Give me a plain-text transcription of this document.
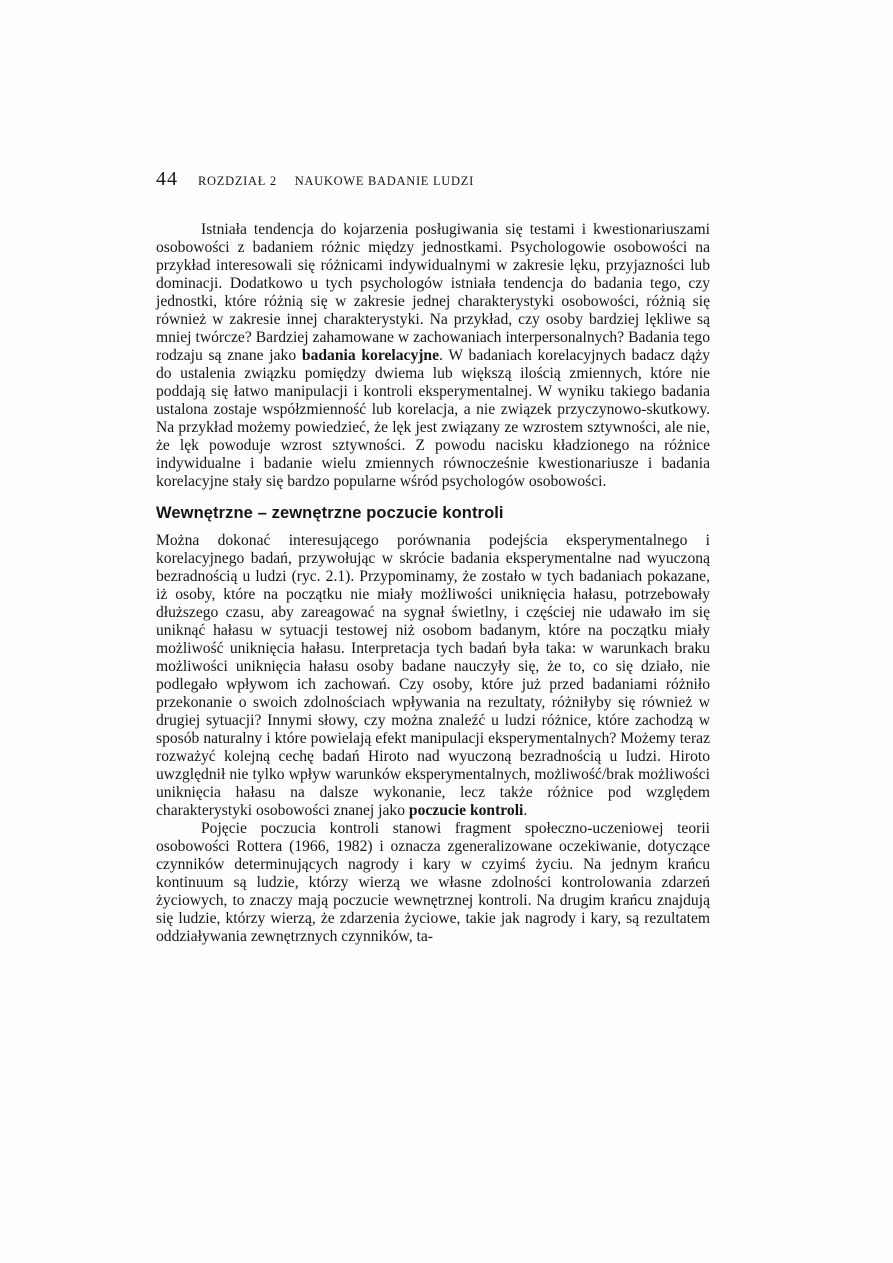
44 ROZDZIAŁ 2 NAUKOWE BADANIE LUDZI

Istniała tendencja do kojarzenia posługiwania się testami i kwestionariuszami osobowości z badaniem różnic między jednostkami. Psychologowie osobowości na przykład interesowali się różnicami indywidualnymi w zakresie lęku, przyjazności lub dominacji. Dodatkowo u tych psychologów istniała tendencja do badania tego, czy jednostki, które różnią się w zakresie jednej charakterystyki osobowości, różnią się również w zakresie innej charakterystyki. Na przykład, czy osoby bardziej lękliwe są mniej twórcze? Bardziej zahamowane w zachowaniach interpersonalnych? Badania tego rodzaju są znane jako badania korelacyjne. W badaniach korelacyjnych badacz dąży do ustalenia związku pomiędzy dwiema lub większą ilością zmiennych, które nie poddają się łatwo manipulacji i kontroli eksperymentalnej. W wyniku takiego badania ustalona zostaje współzmienność lub korelacja, a nie związek przyczynowo-skutkowy. Na przykład możemy powiedzieć, że lęk jest związany ze wzrostem sztywności, ale nie, że lęk powoduje wzrost sztywności. Z powodu nacisku kładzionego na różnice indywidualne i badanie wielu zmiennych równocześnie kwestionariusze i badania korelacyjne stały się bardzo popularne wśród psychologów osobowości.

Wewnętrzne – zewnętrzne poczucie kontroli

Można dokonać interesującego porównania podejścia eksperymentalnego i korelacyjnego badań, przywołując w skrócie badania eksperymentalne nad wyuczoną bezradnością u ludzi (ryc. 2.1). Przypominamy, że zostało w tych badaniach pokazane, iż osoby, które na początku nie miały możliwości uniknięcia hałasu, potrzebowały dłuższego czasu, aby zareagować na sygnał świetlny, i częściej nie udawało im się uniknąć hałasu w sytuacji testowej niż osobom badanym, które na początku miały możliwość uniknięcia hałasu. Interpretacja tych badań była taka: w warunkach braku możliwości uniknięcia hałasu osoby badane nauczyły się, że to, co się działo, nie podlegało wpływom ich zachowań. Czy osoby, które już przed badaniami różniło przekonanie o swoich zdolnościach wpływania na rezultaty, różniłyby się również w drugiej sytuacji? Innymi słowy, czy można znaleźć u ludzi różnice, które zachodzą w sposób naturalny i które powielają efekt manipulacji eksperymentalnych? Możemy teraz rozważyć kolejną cechę badań Hiroto nad wyuczoną bezradnością u ludzi. Hiroto uwzględnił nie tylko wpływ warunków eksperymentalnych, możliwość/brak możliwości uniknięcia hałasu na dalsze wykonanie, lecz także różnice pod względem charakterystyki osobowości znanej jako poczucie kontroli.

Pojęcie poczucia kontroli stanowi fragment społeczno-uczeniowej teorii osobowości Rottera (1966, 1982) i oznacza zgeneralizowane oczekiwanie, dotyczące czynników determinujących nagrody i kary w czyimś życiu. Na jednym krańcu kontinuum są ludzie, którzy wierzą we własne zdolności kontrolowania zdarzeń życiowych, to znaczy mają poczucie wewnętrznej kontroli. Na drugim krańcu znajdują się ludzie, którzy wierzą, że zdarzenia życiowe, takie jak nagrody i kary, są rezultatem oddziaływania zewnętrznych czynników, ta-
